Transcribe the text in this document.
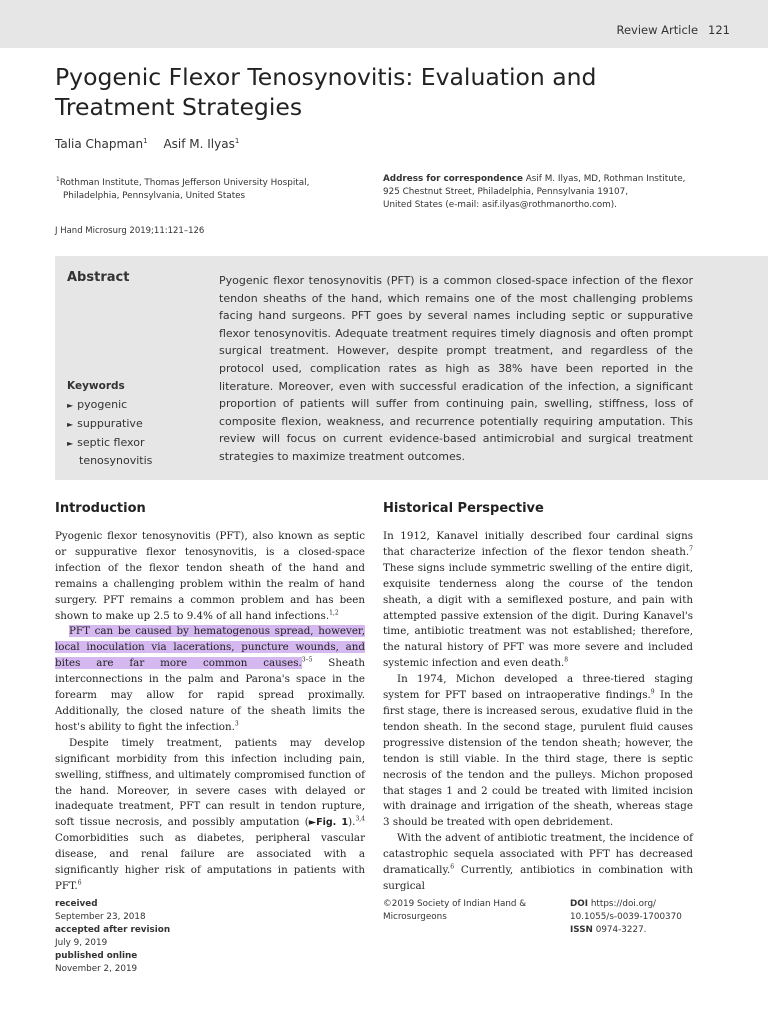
Review Article 121
Pyogenic Flexor Tenosynovitis: Evaluation and Treatment Strategies
Talia Chapman$^1$ Asif M. Ilyas$^1$
$^1$Rothman Institute, Thomas Jefferson University Hospital,
Philadelphia, Pennsylvania, United States
Address for correspondence Asif M. Ilyas, MD, Rothman Institute,
925 Chestnut Street, Philadelphia, Pennsylvania 19107,
United States (e-mail: asif.ilyas@rothmanortho.com).
J Hand Microsurg 2019;11:121–126
Abstract
Keywords
► pyogenic
► suppurative
► septic flexor
tenosynovitis

Pyogenic flexor tenosynovitis (PFT) is a common closed-space infection of the flexor tendon sheaths of the hand, which remains one of the most challenging problems facing hand surgeons. PFT goes by several names including septic or suppurative flexor tenosynovitis. Adequate treatment requires timely diagnosis and often prompt surgical treatment. However, despite prompt treatment, and regardless of the protocol used, complication rates as high as 38% have been reported in the literature. Moreover, even with successful eradication of the infection, a significant proportion of patients will suffer from continuing pain, swelling, stiffness, loss of composite flexion, weakness, and recurrence potentially requiring amputation. This review will focus on current evidence-based antimicrobial and surgical treatment strategies to maximize treatment outcomes.

Introduction

Pyogenic flexor tenosynovitis (PFT), also known as septic or suppurative flexor tenosynovitis, is a closed-space infection of the flexor tendon sheath of the hand and remains a challenging problem within the realm of hand surgery. PFT remains a common problem and has been shown to make up 2.5 to 9.4% of all hand infections.$^{1,2}$

PFT can be caused by hematogenous spread, however, local inoculation via lacerations, puncture wounds, and bites are far more common causes.$^{3-5}$ Sheath interconnections in the palm and Parona's space in the forearm may allow for rapid spread proximally. Additionally, the closed nature of the sheath limits the host's ability to fight the infection.$^3$

Despite timely treatment, patients may develop significant morbidity from this infection including pain, swelling, stiffness, and ultimately compromised function of the hand. Moreover, in severe cases with delayed or inadequate treatment, PFT can result in tendon rupture, soft tissue necrosis, and possibly amputation (►Fig. 1).$^{3,4}$ Comorbidities such as diabetes, peripheral vascular disease, and renal failure are associated with a significantly higher risk of amputations in patients with PFT.$^6$

Historical Perspective

In 1912, Kanavel initially described four cardinal signs that characterize infection of the flexor tendon sheath.$^7$ These signs include symmetric swelling of the entire digit, exquisite tenderness along the course of the tendon sheath, a digit with a semiflexed posture, and pain with attempted passive extension of the digit. During Kanavel's time, antibiotic treatment was not established; therefore, the natural history of PFT was more severe and included systemic infection and even death.$^8$

In 1974, Michon developed a three-tiered staging system for PFT based on intraoperative findings.$^9$ In the first stage, there is increased serous, exudative fluid in the tendon sheath. In the second stage, purulent fluid causes progressive distension of the tendon sheath; however, the tendon is still viable. In the third stage, there is septic necrosis of the tendon and the pulleys. Michon proposed that stages 1 and 2 could be treated with limited incision with drainage and irrigation of the sheath, whereas stage 3 should be treated with open debridement.

With the advent of antibiotic treatment, the incidence of catastrophic sequela associated with PFT has decreased dramatically.$^6$ Currently, antibiotics in combination with surgical

received
September 23, 2018
accepted after revision
July 9, 2019
published online
November 2, 2019
©2019 Society of Indian Hand &
Microsurgeons
DOI https://doi.org/
10.1055/s-0039-1700370
ISSN 0974-3227.
